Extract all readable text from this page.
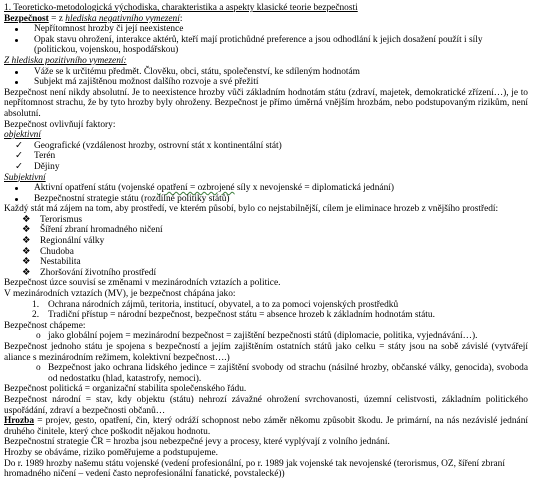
1. Teoreticko-metodologická východiska, charakteristika a aspekty klasické teorie bezpečnosti

Bezpečnost = z hlediska negativního vymezení:

Nepřítomnost hrozby či její neexistence
Opak stavu ohrožení, interakce aktérů, kteří mají protichůdné preference a jsou odhodlání k jejich dosažení použít i síly (politickou, vojenskou, hospodářskou)

Z hlediska pozitivního vymezení:

Váže se k určitému předmět. Člověku, obci, státu, společenství, ke sdíleným hodnotám
Subjekt má zajištěnou možnost dalšího rozvoje a své přežití

Bezpečnost není nikdy absolutní. Je to neexistence hrozby vůči základním hodnotám státu (zdraví, majetek, demokratické zřízení…), je to nepřítomnost strachu, že by tyto hrozby byly ohroženy. Bezpečnost je přímo úměrná vnějším hrozbám, nebo podstupovaným rizikům, není absolutní.

Bezpečnost ovlivňují faktory:

objektivní

✓	Geografické (vzdálenost hrozby, ostrovní stát x kontinentální stát)
✓	Terén
✓	Dějiny

Subjektivní

Aktivní opatření státu (vojenské opatření = ozbrojené síly x nevojenské = diplomatická jednání)
Bezpečnostní strategie státu (rozdílné politiky států)

Každý stát má zájem na tom, aby prostředí, ve kterém působí, bylo co nejstabilnější, cílem je eliminace hrozeb z vnějšího prostředí:

❖ Terorismus
❖ Šíření zbraní hromadného ničení
❖ Regionální války
❖ Chudoba
❖ Nestabilita
❖ Zhoršování životního prostředí

Bezpečnost úzce souvisí se změnami v mezinárodních vztazích a politice.

V mezinárodních vztazích (MV), je bezpečnost chápána jako:

1. Ochrana národních zájmů, teritoria, institucí, obyvatel, a to za pomoci vojenských prostředků
2. Tradiční přístup = národní bezpečnost, bezpečnost státu = absence hrozeb k základním hodnotám státu.

Bezpečnost chápeme:

o jako globální pojem = mezinárodní bezpečnost = zajištění bezpečnosti států (diplomacie, politika, vyjednávání…).

Bezpečnost jednoho státu je spojena s bezpečností a jejím zajištěním ostatních států jako celku = státy jsou na sobě závislé (vytvářejí aliance s mezinárodním režimem, kolektivní bezpečnost….)

o Bezpečnost jako ochrana lidského jedince = zajištění svobody od strachu (násilné hrozby, občanské války, genocida), svoboda od nedostatku (hlad, katastrofy, nemoci).

Bezpečnost politická = organizační stabilita společenského řádu.

Bezpečnost národní = stav, kdy objektu (státu) nehrozí závažné ohrožení svrchovanosti, územní celistvosti, základním politického uspořádání, zdraví a bezpečnosti občanů…

Hrozba = projev, gesto, opatření, čin, který odráží schopnost nebo záměr někomu způsobit škodu. Je primární, na nás nezávislé jednání druhého činitele, který chce poškodit nějakou hodnotu.

Bezpečnostní strategie ČR = hrozba jsou nebezpečné jevy a procesy, které vyplývají z volního jednání.

Hrozby se obáváme, riziko poměřujeme a podstupujeme.

Do r. 1989 hrozby našemu státu vojenské (vedení profesionální, po r. 1989 jak vojenské tak nevojenské (terorismus, OZ, šíření zbraní hromadného ničení – vedení často neprofesionální fanatické, povstalecké))
